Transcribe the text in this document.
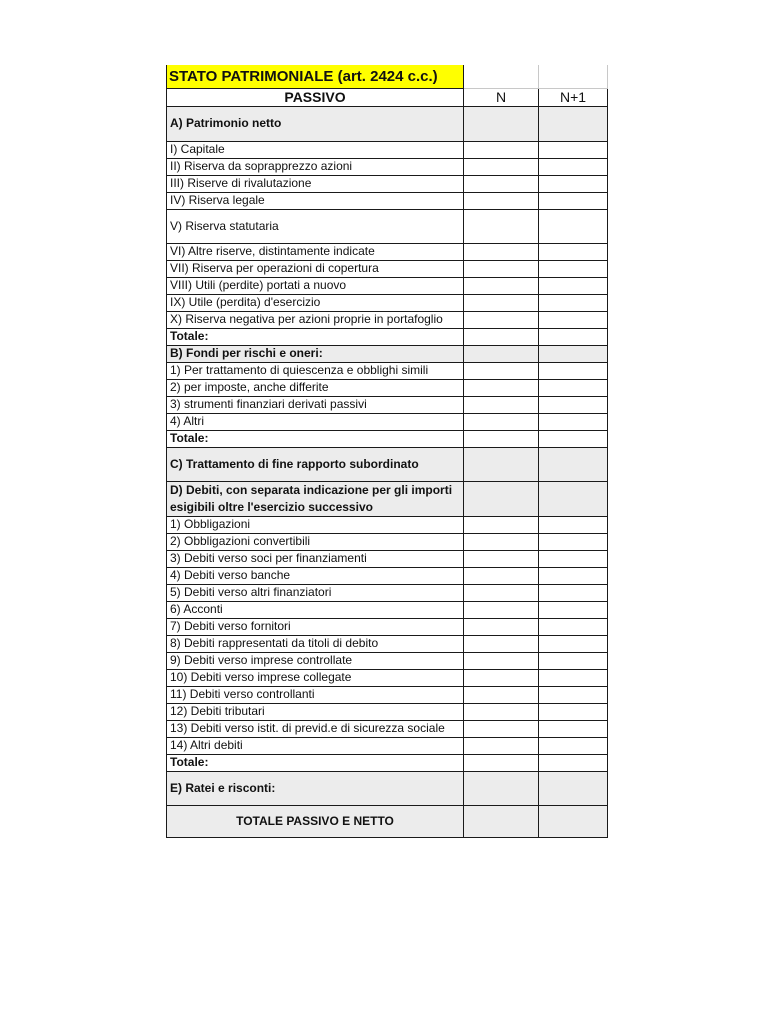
STATO PATRIMONIALE (art. 2424 c.c.)		
PASSIVO	N	N+1
A) Patrimonio netto		
I) Capitale		
II) Riserva da soprapprezzo azioni		
III) Riserve di rivalutazione		
IV) Riserva legale		
V) Riserva statutaria		
VI) Altre riserve, distintamente indicate		
VII) Riserva per operazioni di copertura		
VIII) Utili (perdite) portati a nuovo		
IX) Utile (perdita) d'esercizio		
X) Riserva negativa per azioni proprie in portafoglio		
Totale:		
B) Fondi per rischi e oneri:		
1) Per trattamento di quiescenza e obblighi simili		
2) per imposte, anche differite		
3) strumenti finanziari derivati passivi		
4) Altri		
Totale:		
C) Trattamento di fine rapporto subordinato		
D) Debiti, con separata indicazione per gli importi esigibili oltre l'esercizio successivo		
1) Obbligazioni		
2) Obbligazioni convertibili		
3) Debiti verso soci per finanziamenti		
4) Debiti verso banche		
5) Debiti verso altri finanziatori		
6) Acconti		
7) Debiti verso fornitori		
8) Debiti rappresentati da titoli di debito		
9) Debiti verso imprese controllate		
10) Debiti verso imprese collegate		
11) Debiti verso controllanti		
12) Debiti tributari		
13) Debiti verso istit. di previd.e di sicurezza sociale		
14) Altri debiti		
Totale:		
E) Ratei e risconti:		
TOTALE PASSIVO E NETTO		
